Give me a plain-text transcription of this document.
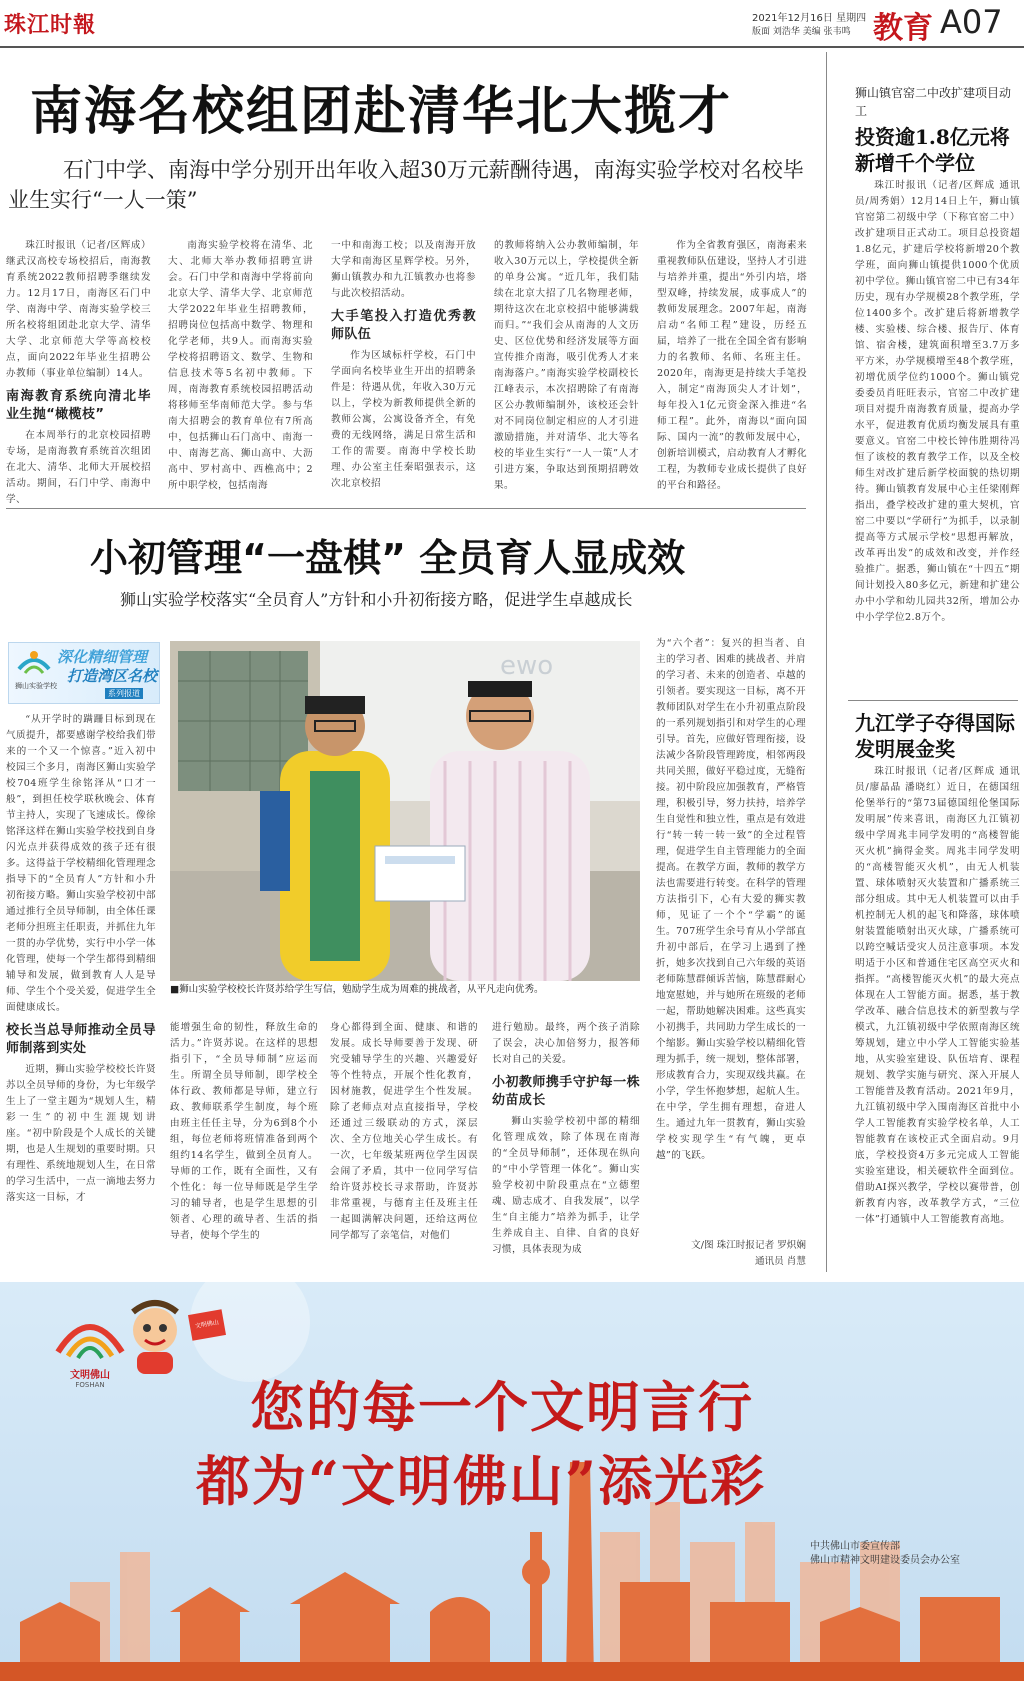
珠江时報	2021年12月16日 星期四
版面 刘浩华 美编 张韦鸣 教育 A07
南海名校组团赴清华北大揽才
石门中学、南海中学分别开出年收入超30万元薪酬待遇，南海实验学校对名校毕业生实行“一人一策”

珠江时报讯（记者/区辉成）继武汉高校专场校招后，南海教育系统2022教师招聘季继续发力。12月17日，南海区石门中学、南海中学、南海实验学校三所名校将组团赴北京大学、清华大学、北京师范大学等高校校点，面向2022年毕业生招聘公办教师（事业单位编制）14人。

南海教育系统向清北毕业生抛“橄榄枝”

在本周举行的北京校园招聘专场，是南海教育系统首次组团在北大、清华、北师大开展校招活动。期间，石门中学、南海中学、

南海实验学校将在清华、北大、北师大举办教师招聘宣讲会。石门中学和南海中学将前向北京大学、清华大学、北京师范大学2022年毕业生招聘教师，招聘岗位包括高中数学、物理和化学老师，共9人。而南海实验学校将招聘语文、数学、生物和信息技术等5名初中教师。下周，南海教育系统校园招聘活动将移师至华南师范大学。参与华南大招聘会的教育单位有7所高中，包括狮山石门高中、南海一中、南海艺高、狮山高中、大沥高中、罗村高中、西樵高中；2所中职学校，包括南海

一中和南海工校；以及南海开放大学和南海区星辉学校。另外，狮山镇教办和九江镇教办也将参与此次校招活动。

大手笔投入打造优秀教师队伍

作为区域标杆学校，石门中学面向名校毕业生开出的招聘条件是：待遇从优，年收入30万元以上，学校为新教师提供全新的教师公寓，公寓设备齐全，有免费的无线网络，满足日常生活和工作的需要。南海中学校长助理、办公室主任秦昭强表示，这次北京校招

的教师将纳入公办教师编制，年收入30万元以上，学校提供全新的单身公寓。“近几年，我们陆续在北京大招了几名物理老师，期待这次在北京校招中能够满载而归。”“我们会从南海的人文历史、区位优势和经济发展等方面宣传推介南海，吸引优秀人才来南海落户。”南海实验学校副校长江峰表示，本次招聘除了有南海区公办教师编制外，该校还会针对不同岗位制定相应的人才引进激励措施，并对清华、北大等名校的毕业生实行“一人一策”人才引进方案，争取达到预期招聘效果。

作为全省教育强区，南海素来重视教师队伍建设，坚持人才引进与培养并重，提出“外引内培，塔型双峰，持续发展，成事成人”的教师发展理念。2007年起，南海启动“名师工程”建设，历经五届，培养了一批在全国全省有影响力的名教师、名师、名班主任。2020年，南海更是持续大手笔投入，制定“南海顶尖人才计划”，每年投入1亿元资金深入推进“名师工程”。此外，南海以“面向国际、国内一流”的教师发展中心，创新培训模式，启动教育人才孵化工程，为教师专业成长提供了良好的平台和路径。

小初管理“一盘棋” 全员育人显成效
狮山实验学校落实“全员育人”方针和小升初衔接方略，促进学生卓越成长
深化精细管理
打造湾区名校
狮山实验学校
系列报道
ewo
■狮山实验学校校长许贤苏给学生写信，勉励学生成为周难的挑战者，从平凡走向优秀。

“从开学时的蹒跚目标到现在气质提升，都要感谢学校给我们带来的一个又一个惊喜。”近入初中校园三个多月，南海区狮山实验学校704班学生徐铭泽从“口才一般”，到担任校学联秋晚会、体育节主持人，实现了飞速成长。像徐铭泽这样在狮山实验学校找到自身闪光点并获得成效的孩子还有很多。这得益于学校精细化管理理念指导下的“全员育人”方针和小升初衔接方略。狮山实验学校初中部通过推行全员导师制，由全体任课老师分担班主任职责，并抓住九年一贯的办学优势，实行中小学一体化管理，使每一个学生都得到精细辅导和发展，做到教育人人是导师、学生个个受关爱，促进学生全面健康成长。

校长当总导师推动全员导师制落到实处

近期，狮山实验学校校长许贤苏以全员导师的身份，为七年级学生上了一堂主题为“规划人生，精彩一生”的初中生涯规划讲座。“初中阶段是个人成长的关键期，也是人生规划的重要时期。只有理性、系统地规划人生，在日常的学习生活中，一点一滴地去努力落实这一目标，才

能增强生命的韧性，释放生命的活力。”许贤苏说。在这样的思想指引下，“全员导师制”应运而生。所谓全员导师制，即学校全体行政、教师都是导师，建立行政、教师联系学生制度，每个班由班主任任主导，分为6到8个小组，每位老师将班情准备到两个组约14名学生，做到全员育人。导师的工作，既有全面性，又有个性化：每一位导师既是学生学习的辅导者，也是学生思想的引领者、心理的疏导者、生活的指导者，使每个学生的

身心都得到全面、健康、和谐的发展。成长导师要善于发现、研究受辅导学生的兴趣、兴趣爱好等个性特点，开展个性化教育，因材施教，促进学生个性发展。除了老师点对点直接指导，学校还通过三级联动的方式，深层次、全方位地关心学生成长。有一次，七年级某班两位学生因误会闹了矛盾，其中一位同学写信给许贤苏校长寻求帮助，许贤苏非常重视，与德育主任及班主任一起圆满解决问题，还给这两位同学都写了亲笔信，对他们

进行勉励。最终，两个孩子消除了误会，决心加倍努力，报答师长对自己的关爱。

小初教师携手守护每一株幼苗成长

狮山实验学校初中部的精细化管理成效，除了体现在南海的“全员导师制”，还体现在纵向的“中小学管理一体化”。狮山实验学校初中阶段重点在“立德塑魂、励志成才、自我发展”，以学生“自主能力”培养为抓手，让学生养成自主、自律、自省的良好习惯，具体表现为成

为“六个者”：复兴的担当者、自主的学习者、困难的挑战者、并肩的学习者、未来的创造者、卓越的引领者。要实现这一目标，离不开教师团队对学生在小升初重点阶段的一系列规划指引和对学生的心理引导。首先，应做好管理衔接，设法减少各阶段管理跨度，相邻两段共同关照，做好平稳过度，无缝衔接。初中阶段应加强教育，严格管理，积极引导，努力扶持，培养学生自觉性和独立性，重点是有效进行“转一转一转一致”的全过程管理，促进学生自主管理能力的全面提高。在教学方面，教师的教学方法也需要进行转变。在科学的管理方法指引下，心有大爱的狮实教师，见证了一个个“学霸”的诞生。707班学生余号育从小学部直升初中部后，在学习上遇到了挫折，她多次找到自己六年级的英语老师陈慧群倾诉苦恼，陈慧群耐心地宽慰她，并与她所在班级的老师一起，帮助她解决困难。这些真实小初携手，共同助力学生成长的一个缩影。狮山实验学校以精细化管理为抓手，统一规划，整体部署，形成教育合力，实现双线共赢。在小学，学生怀抱梦想，起航人生。在中学，学生拥有理想，奋进人生。通过九年一贯教育，狮山实验学校实现学生“有气魄，更卓越”的飞跃。

文/图 珠江时报记者 罗炽娴
通讯员 肖慧
狮山镇官窑二中改扩建项目动工
投资逾1.8亿元将新增千个学位
珠江时报讯（记者/区辉成 通讯员/周秀娟）12月14日上午，狮山镇官窑第二初级中学（下称官窑二中）改扩建项目正式动工。项目总投资超1.8亿元，扩建后学校将新增20个教学班，面向狮山镇提供1000个优质初中学位。狮山镇官窑二中已有34年历史，现有办学规模28个教学班，学位1400多个。改扩建后将新增教学楼、实验楼、综合楼、报告厅、体育馆、宿舍楼，建筑面积增至3.7万多平方米，办学规模增至48个教学班，初增优质学位约1000个。狮山镇党委委员肖旺旺表示，官窑二中改扩建项目对提升南海教育质量，提高办学水平，促进教育优质均衡发展具有重要意义。官窑二中校长钟伟胜期待冯恒了该校的教育教学工作，以及全校师生对改扩建后新学校面貌的热切期待。狮山镇教育发展中心主任梁刚辉指出，叠学校改扩建的重大契机，官窑二中要以“学研行”为抓手，以录制提高等方式展示学校“思想再解放，改革再出发”的成效和改变，并作经验推广。据悉，狮山镇在“十四五”期间计划投入80多亿元，新建和扩建公办中小学和幼儿园共32所，增加公办中小学学位2.8万个。
九江学子夺得国际发明展金奖
珠江时报讯（记者/区辉成 通讯员/廖晶晶 潘晓红）近日，在德国纽伦堡举行的“第73届德国纽伦堡国际发明展”传来喜讯，南海区九江镇初级中学周兆丰同学发明的“高楼智能灭火机”摘得金奖。周兆丰同学发明的“高楼智能灭火机”，由无人机装置、球体喷射灭火装置和广播系统三部分组成。其中无人机装置可以由手机控制无人机的起飞和降落，球体喷射装置能喷射出灭火球，广播系统可以跨空喊话受灾人员注意事项。本发明适于小区和普通住宅区高空灭火和指挥。“高楼智能灭火机”的最大亮点体现在人工智能方面。据悉，基于教学改革、融合信息技术的新型教与学模式，九江镇初级中学依照南海区统筹规划，建立中小学人工智能实验基地，从实验室建设、队伍培育、课程规划、教学实施与研究、深入开展人工智能普及教育活动。2021年9月，九江镇初级中学入围南海区首批中小学人工智能教育实验学校名单，人工智能教育在该校正式全面启动。9月底，学校投资4万多元完成人工智能实验室建设，相关硬软件全面到位。借助AI探兴教学，学校以赛带普，创新教育内容，改革教学方式，“三位一体”打通镇中人工智能教育高地。
文明佛山
FOSHAN
文明佛山
您的每一个文明言行
都为“文明佛山”添光彩
中共佛山市委宣传部
佛山市精神文明建设委员会办公室
